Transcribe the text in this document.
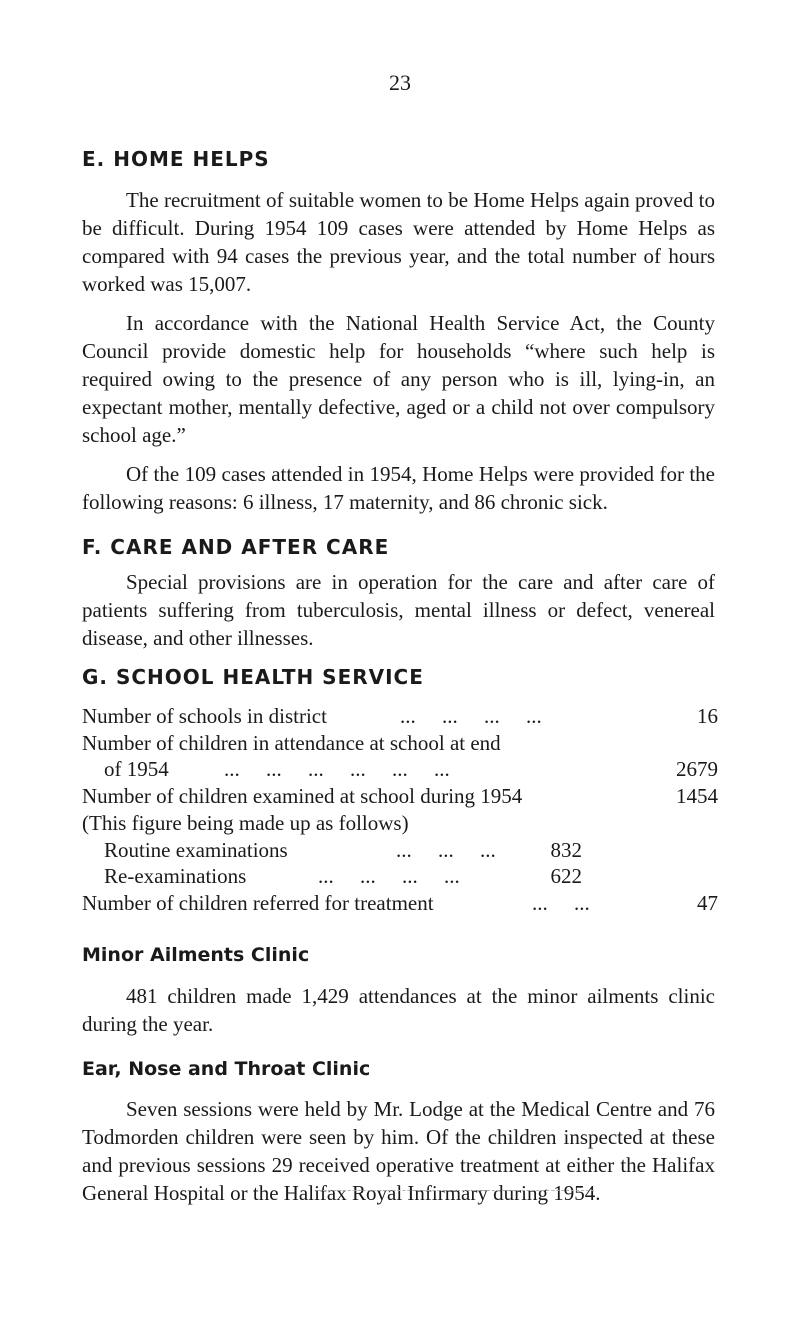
23
E. HOME HELPS

The recruitment of suitable women to be Home Helps again proved to be difficult. During 1954 109 cases were attended by Home Helps as compared with 94 cases the previous year, and the total number of hours worked was 15,007.

In accordance with the National Health Service Act, the County Council provide domestic help for households “where such help is required owing to the presence of any person who is ill, lying-in, an expectant mother, mentally defective, aged or a child not over compulsory school age.”

Of the 109 cases attended in 1954, Home Helps were provided for the following reasons: 6 illness, 17 maternity, and 86 chronic sick.

F. CARE AND AFTER CARE

Special provisions are in operation for the care and after care of patients suffering from tuberculosis, mental illness or defect, venereal disease, and other illnesses.

G. SCHOOL HEALTH SERVICE
Number of schools in district	...     ...     ...     ...	16
Number of children in attendance at school at end
of 1954	...     ...     ...     ...     ...     ...	2679
Number of children examined at school during 1954	1454
(This figure being made up as follows)
Routine examinations	...     ...     ...	832
Re-examinations	...     ...     ...     ...	622
Number of children referred for treatment	...     ...	47
Minor Ailments Clinic

481 children made 1,429 attendances at the minor ailments clinic during the year.

Ear, Nose and Throat Clinic

Seven sessions were held by Mr. Lodge at the Medical Centre and 76 Todmorden children were seen by him. Of the children inspected at these and previous sessions 29 received operative treatment at either the Halifax General Hospital or the Halifax Royal Infirmary during 1954.
